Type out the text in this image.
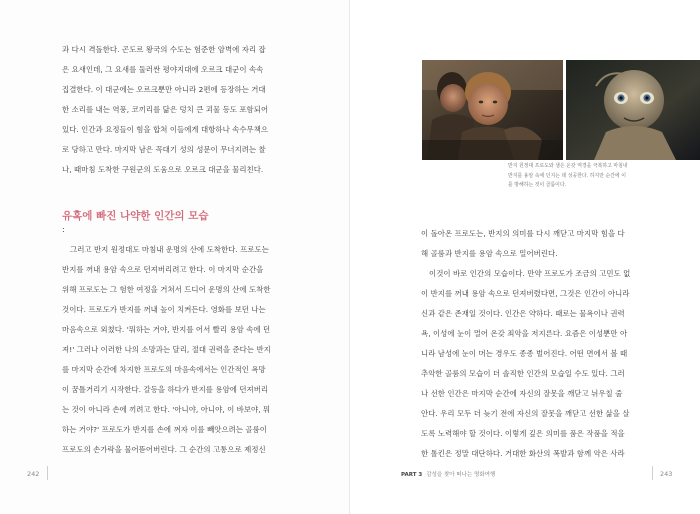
과 다시 격돌한다. 곤도르 왕국의 수도는 험준한 암벽에 자리 잡
은 요새인데, 그 요새를 둘러싼 평야지대에 오르크 대군이 속속
집결한다. 이 대군에는 오르크뿐만 아니라 2편에 등장하는 거대
한 소리를 내는 역풍, 코끼리를 닮은 덩치 큰 괴물 등도 포함되어
있다. 인간과 요정들이 힘을 합쳐 이들에게 대항하나 속수무책으
로 당하고 만다. 마지막 남은 꼭대기 성의 성문이 무너지려는 찰
나, 때마침 도착한 구원군의 도움으로 오르크 대군을 물리친다.

유혹에 빠진 나약한 인간의 모습
:

그러고 반지 원정대도 마침내 운명의 산에 도착한다. 프로도는
반지를 꺼내 용암 속으로 던져버리려고 한다. 이 마지막 순간을
위해 프로도는 그 험한 여정을 거쳐서 드디어 운명의 산에 도착한
것이다. 프로도가 반지를 꺼내 높이 치켜든다. 영화를 보던 나는
마음속으로 외쳤다. '뭐하는 거야, 반지를 어서 빨리 용암 속에 던
져!' 그러나 이러한 나의 소망과는 달리, 절대 권력을 준다는 반지
를 마지막 순간에 차지한 프로도의 마음속에서는 인간적인 욕망
이 꿈틀거리기 시작한다. 갈등을 하다가 반지를 용암에 던져버리
는 것이 아니라 손에 끼려고 한다. '아니야, 아니야, 이 바보야, 뭐
하는 거야?' 프로도가 반지를 손에 껴자 이를 빼앗으려는 골룸이
프로도의 손가락을 물어뜯어버린다. 그 순간의 고통으로 제정신

242

반지 원정대 프로도와 샘은 온갖 역경을 극복하고 마침내
반지를 용암 속에 던지는 데 성공한다. 하지만 순간에 이
를 방해하는 것이 골룸이다.

이 돌아온 프로도는, 반지의 의미를 다시 깨닫고 마지막 힘을 다
해 골룸과 반지를 용암 속으로 밀어버린다.
이것이 바로 인간의 모습이다. 만약 프로도가 조금의 고민도 없
이 반지를 꺼내 용암 속으로 던져버렸다면, 그것은 인간이 아니라
신과 같은 존재일 것이다. 인간은 약하다. 때로는 물욕이나 권력
욕, 이성에 눈이 멀어 온갖 죄악을 저지른다. 요즘은 이성뿐만 아
니라 남성에 눈이 머는 경우도 종종 벌어진다. 어떤 면에서 볼 때
추악한 골룸의 모습이 더 솔직한 인간의 모습일 수도 있다. 그러
나 선한 인간은 마지막 순간에 자신의 잘못을 깨닫고 뉘우칠 줄
안다. 우리 모두 더 늦기 전에 자신의 잘못을 깨닫고 선한 삶을 살
도록 노력해야 할 것이다. 이렇게 깊은 의미를 품은 작품을 적을
한 톨킨은 정말 대단하다. 거대한 화산의 폭발과 함께 악은 사라

PART 3 감성을 찾아 떠나는 명화여행	243
